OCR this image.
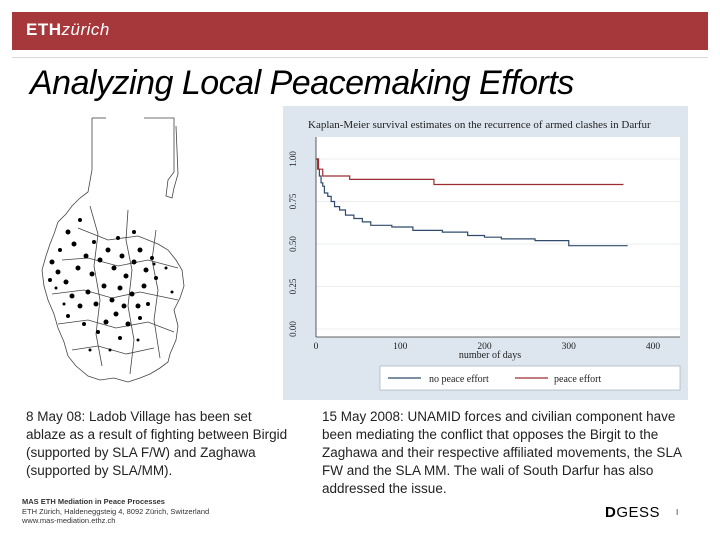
ETHzürich
Analyzing Local Peacemaking Efforts
Kaplan-Meier survival estimates on the recurrence of armed clashes in Darfur
0.00
0.25
0.50
0.75
1.00
0	100	200	300	400
number of days
no peace effort	peace effort
8 May 08: Ladob Village has been set ablaze as a result of fighting between Birgid (supported by SLA F/W) and Zaghawa (supported by SLA/MM).
15 May 2008: UNAMID forces and civilian component have been mediating the conflict that opposes the Birgit to the Zaghawa and their respective affiliated movements, the SLA FW and the SLA MM. The wali of South Darfur has also addressed the issue.
MAS ETH Mediation in Peace Processes
ETH Zürich, Haldeneggsteig 4, 8092 Zürich, Switzerland
www.mas-mediation.ethz.ch	DGESS I
